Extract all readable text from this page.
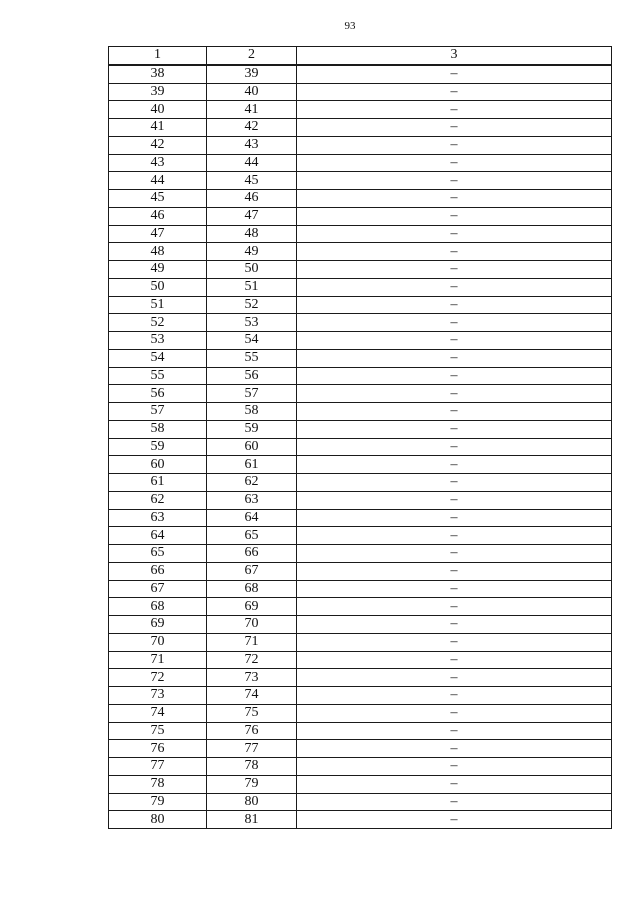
93
1	2	3
38	39	–
39	40	–
40	41	–
41	42	–
42	43	–
43	44	–
44	45	–
45	46	–
46	47	–
47	48	–
48	49	–
49	50	–
50	51	–
51	52	–
52	53	–
53	54	–
54	55	–
55	56	–
56	57	–
57	58	–
58	59	–
59	60	–
60	61	–
61	62	–
62	63	–
63	64	–
64	65	–
65	66	–
66	67	–
67	68	–
68	69	–
69	70	–
70	71	–
71	72	–
72	73	–
73	74	–
74	75	–
75	76	–
76	77	–
77	78	–
78	79	–
79	80	–
80	81	–
